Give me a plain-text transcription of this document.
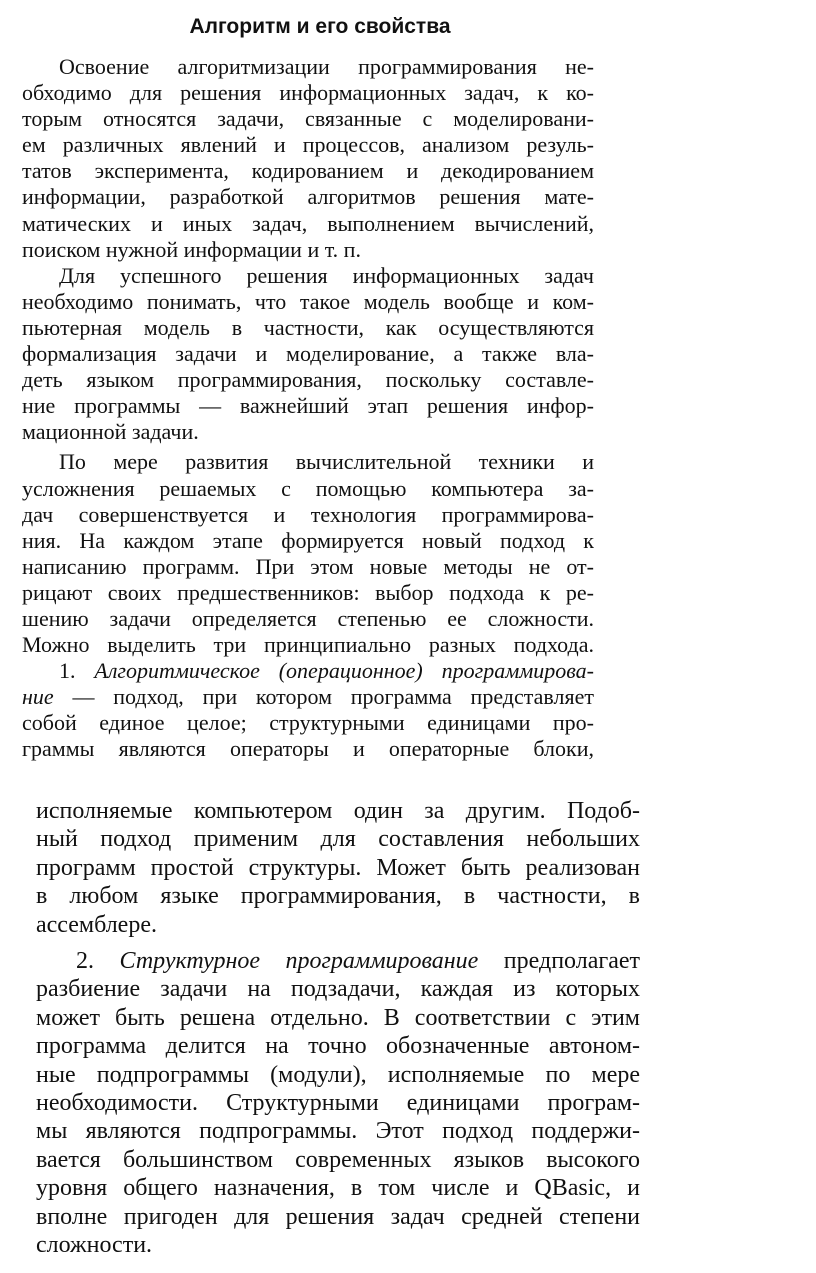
Алгоритм и его свойства
Освоение алгоритмизации программирования не-
обходимо для решения информационных задач, к ко-
торым относятся задачи, связанные с моделировани-
ем различных явлений и процессов, анализом резуль-
татов эксперимента, кодированием и декодированием
информации, разработкой алгоритмов решения мате-
матических и иных задач, выполнением вычислений,
поиском нужной информации и т. п.
Для успешного решения информационных задач
необходимо понимать, что такое модель вообще и ком-
пьютерная модель в частности, как осуществляются
формализация задачи и моделирование, а также вла-
деть языком программирования, поскольку составле-
ние программы — важнейший этап решения инфор-
мационной задачи.
По мере развития вычислительной техники и
усложнения решаемых с помощью компьютера за-
дач совершенствуется и технология программирова-
ния. На каждом этапе формируется новый подход к
написанию программ. При этом новые методы не от-
рицают своих предшественников: выбор подхода к ре-
шению задачи определяется степенью ее сложности.
Можно выделить три принципиально разных подхода.
1. Алгоритмическое (операционное) программирова-
ние — подход, при котором программа представляет
собой единое целое; структурными единицами про-
граммы являются операторы и операторные блоки,
исполняемые компьютером один за другим. Подоб-
ный подход применим для составления небольших
программ простой структуры. Может быть реализован
в любом языке программирования, в частности, в
ассемблере.
2. Структурное программирование предполагает
разбиение задачи на подзадачи, каждая из которых
может быть решена отдельно. В соответствии с этим
программа делится на точно обозначенные автоном-
ные подпрограммы (модули), исполняемые по мере
необходимости. Структурными единицами програм-
мы являются подпрограммы. Этот подход поддержи-
вается большинством современных языков высокого
уровня общего назначения, в том числе и QBasic, и
вполне пригоден для решения задач средней степени
сложности.
